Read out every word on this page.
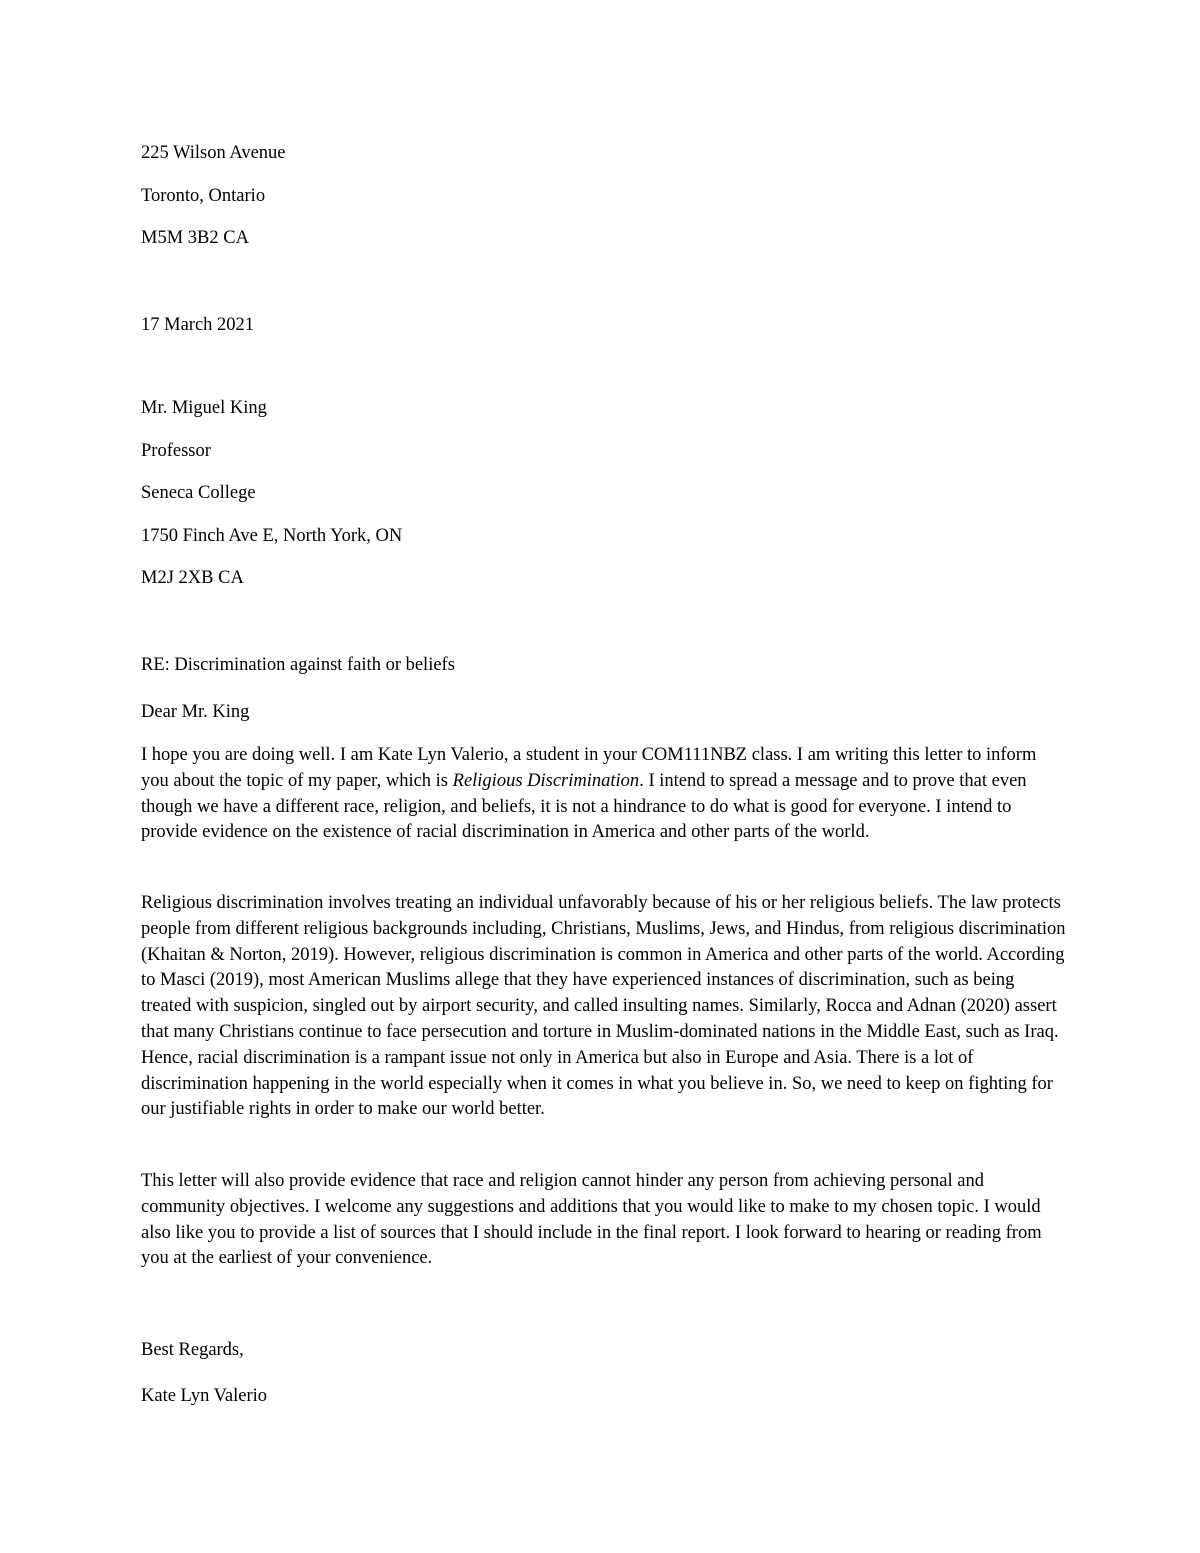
225 Wilson Avenue

Toronto, Ontario

M5M 3B2 CA

17 March 2021

Mr. Miguel King

Professor

Seneca College

1750 Finch Ave E, North York, ON

M2J 2XB CA

RE: Discrimination against faith or beliefs

Dear Mr. King

I hope you are doing well. I am Kate Lyn Valerio, a student in your COM111NBZ class. I am writing this letter to inform you about the topic of my paper, which is Religious Discrimination. I intend to spread a message and to prove that even though we have a different race, religion, and beliefs, it is not a hindrance to do what is good for everyone. I intend to provide evidence on the existence of racial discrimination in America and other parts of the world.

Religious discrimination involves treating an individual unfavorably because of his or her religious beliefs. The law protects people from different religious backgrounds including, Christians, Muslims, Jews, and Hindus, from religious discrimination (Khaitan & Norton, 2019). However, religious discrimination is common in America and other parts of the world. According to Masci (2019), most American Muslims allege that they have experienced instances of discrimination, such as being treated with suspicion, singled out by airport security, and called insulting names. Similarly, Rocca and Adnan (2020) assert that many Christians continue to face persecution and torture in Muslim-dominated nations in the Middle East, such as Iraq. Hence, racial discrimination is a rampant issue not only in America but also in Europe and Asia. There is a lot of discrimination happening in the world especially when it comes in what you believe in. So, we need to keep on fighting for our justifiable rights in order to make our world better.

This letter will also provide evidence that race and religion cannot hinder any person from achieving personal and community objectives. I welcome any suggestions and additions that you would like to make to my chosen topic. I would also like you to provide a list of sources that I should include in the final report. I look forward to hearing or reading from you at the earliest of your convenience.

Best Regards,

Kate Lyn Valerio
